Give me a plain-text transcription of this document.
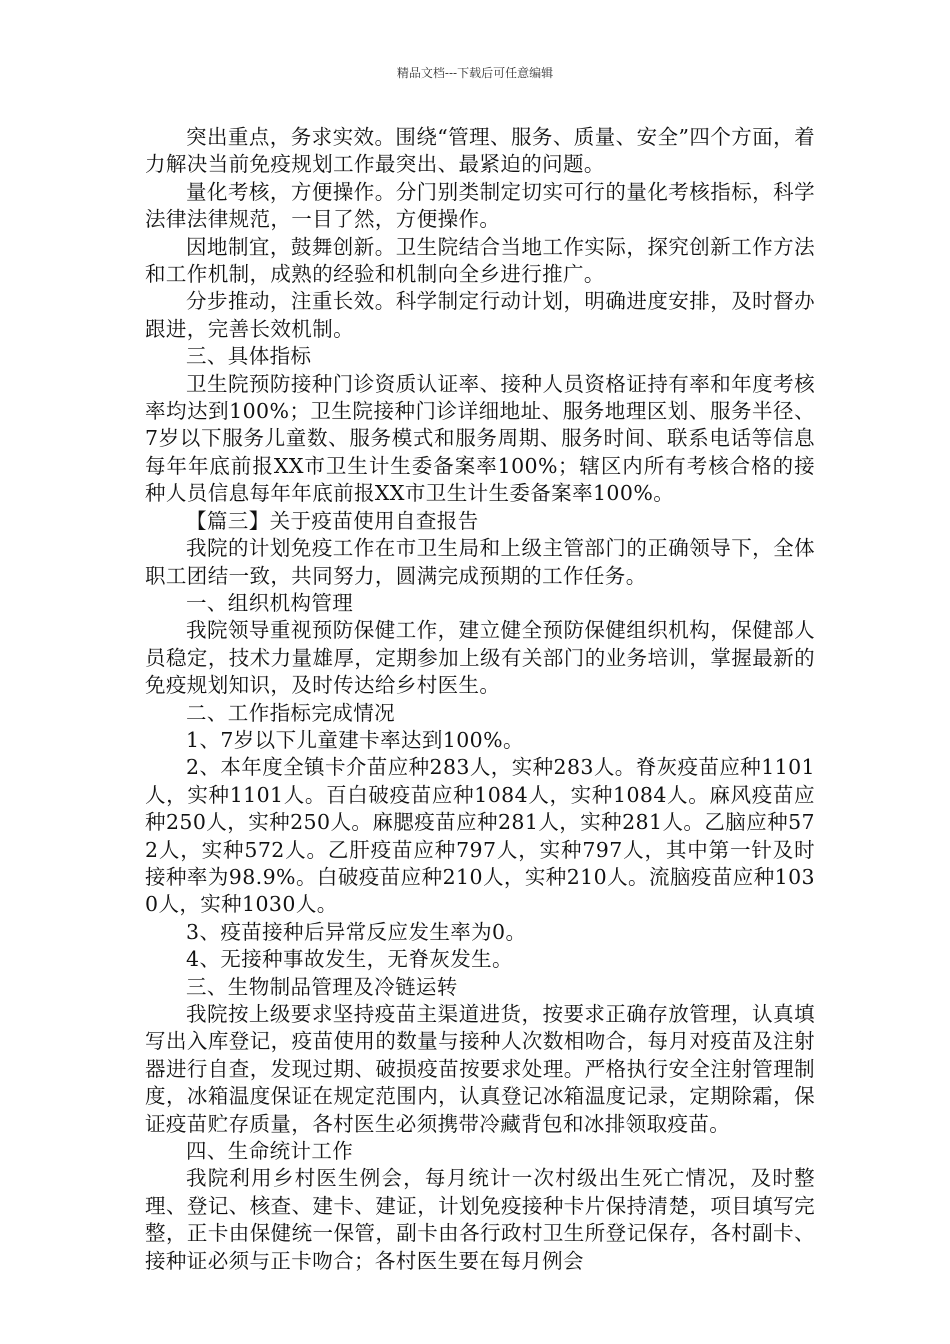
精品文档---下载后可任意编辑

突出重点，务求实效。围绕“管理、服务、质量、安全”四个方面，着力解决当前免疫规划工作最突出、最紧迫的问题。

量化考核，方便操作。分门别类制定切实可行的量化考核指标，科学法律法律规范，一目了然，方便操作。

因地制宜，鼓舞创新。卫生院结合当地工作实际，探究创新工作方法和工作机制，成熟的经验和机制向全乡进行推广。

分步推动，注重长效。科学制定行动计划，明确进度安排，及时督办跟进，完善长效机制。

三、具体指标

卫生院预防接种门诊资质认证率、接种人员资格证持有率和年度考核率均达到100%；卫生院接种门诊详细地址、服务地理区划、服务半径、7岁以下服务儿童数、服务模式和服务周期、服务时间、联系电话等信息每年年底前报XX市卫生计生委备案率100%；辖区内所有考核合格的接种人员信息每年年底前报XX市卫生计生委备案率100%。

【篇三】关于疫苗使用自查报告

我院的计划免疫工作在市卫生局和上级主管部门的正确领导下，全体职工团结一致，共同努力，圆满完成预期的工作任务。

一、组织机构管理

我院领导重视预防保健工作，建立健全预防保健组织机构，保健部人员稳定，技术力量雄厚，定期参加上级有关部门的业务培训，掌握最新的免疫规划知识，及时传达给乡村医生。

二、工作指标完成情况

1、7岁以下儿童建卡率达到100%。

2、本年度全镇卡介苗应种283人，实种283人。脊灰疫苗应种1101人，实种1101人。百白破疫苗应种1084人，实种1084人。麻风疫苗应种250人，实种250人。麻腮疫苗应种281人，实种281人。乙脑应种572人，实种572人。乙肝疫苗应种797人，实种797人，其中第一针及时接种率为98.9%。白破疫苗应种210人，实种210人。流脑疫苗应种1030人，实种1030人。

3、疫苗接种后异常反应发生率为0。

4、无接种事故发生，无脊灰发生。

三、生物制品管理及冷链运转

我院按上级要求坚持疫苗主渠道进货，按要求正确存放管理，认真填写出入库登记，疫苗使用的数量与接种人次数相吻合，每月对疫苗及注射器进行自查，发现过期、破损疫苗按要求处理。严格执行安全注射管理制度，冰箱温度保证在规定范围内，认真登记冰箱温度记录，定期除霜，保证疫苗贮存质量，各村医生必须携带冷藏背包和冰排领取疫苗。

四、生命统计工作

我院利用乡村医生例会，每月统计一次村级出生死亡情况，及时整理、登记、核查、建卡、建证，计划免疫接种卡片保持清楚，项目填写完整，正卡由保健统一保管，副卡由各行政村卫生所登记保存，各村副卡、接种证必须与正卡吻合；各村医生要在每月例会
